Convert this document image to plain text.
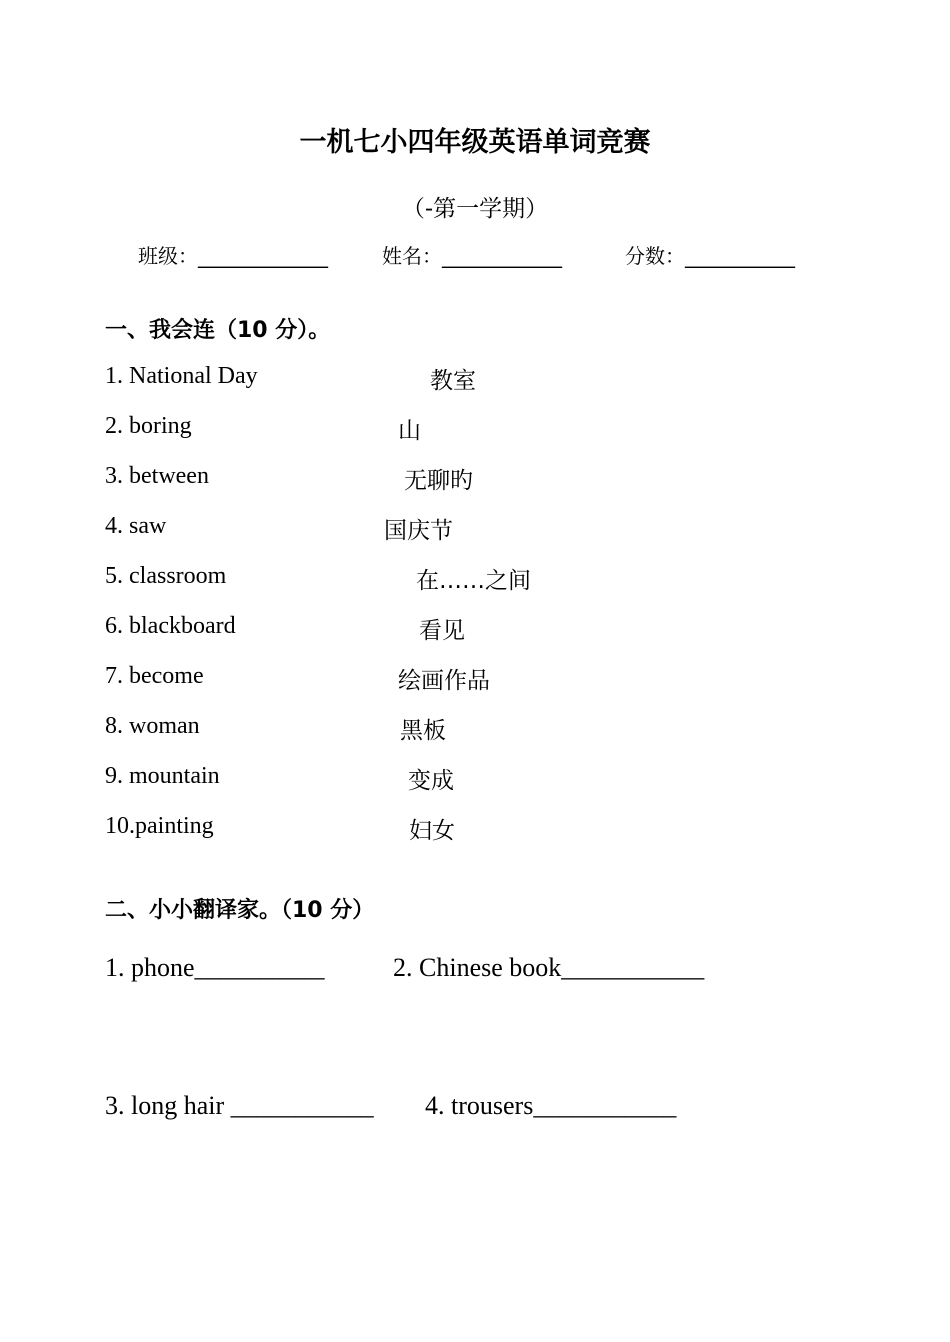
一机七小四年级英语单词竞赛
（-第一学期）
班级：_____________	姓名：____________	分数：___________
一、我会连（10 分）。
1. National Day
2. boring
3. between
4. saw
5. classroom
6. blackboard
7. become
8. woman
9. mountain
10.painting
教室
山
无聊旳
国庆节
在……之间
看见
绘画作品
黑板
变成
妇女
二、小小翻译家。（10 分）
1. phone__________	2. Chinese book___________
3. long hair ___________ 4. trousers___________
